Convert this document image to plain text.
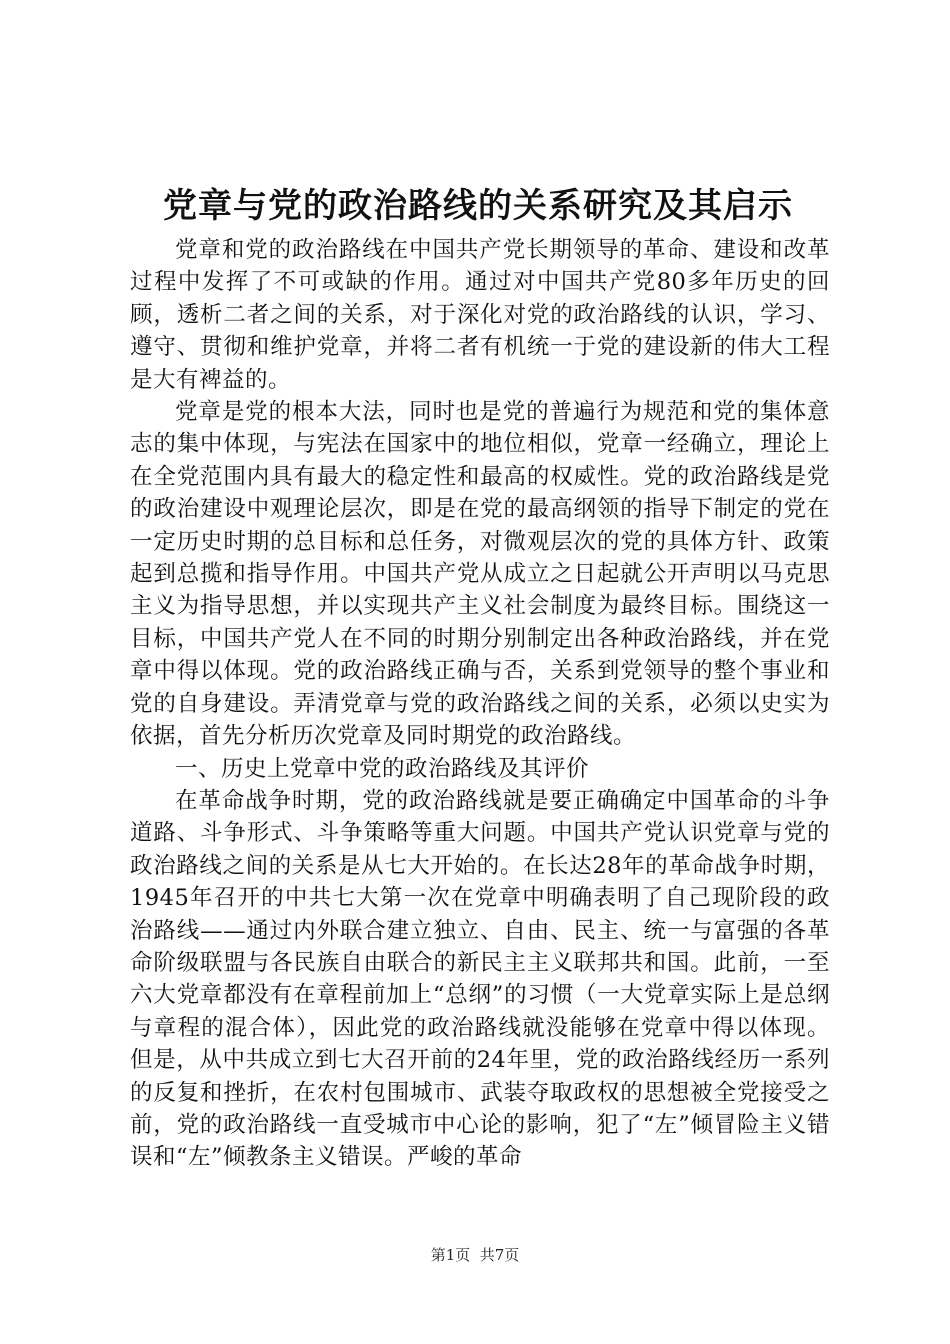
党章与党的政治路线的关系研究及其启示

党章和党的政治路线在中国共产党长期领导的革命、建设和改革过程中发挥了不可或缺的作用。通过对中国共产党80多年历史的回顾，透析二者之间的关系，对于深化对党的政治路线的认识，学习、遵守、贯彻和维护党章，并将二者有机统一于党的建设新的伟大工程是大有裨益的。

党章是党的根本大法，同时也是党的普遍行为规范和党的集体意志的集中体现，与宪法在国家中的地位相似，党章一经确立，理论上在全党范围内具有最大的稳定性和最高的权威性。党的政治路线是党的政治建设中观理论层次，即是在党的最高纲领的指导下制定的党在一定历史时期的总目标和总任务，对微观层次的党的具体方针、政策起到总揽和指导作用。中国共产党从成立之日起就公开声明以马克思主义为指导思想，并以实现共产主义社会制度为最终目标。围绕这一目标，中国共产党人在不同的时期分别制定出各种政治路线，并在党章中得以体现。党的政治路线正确与否，关系到党领导的整个事业和党的自身建设。弄清党章与党的政治路线之间的关系，必须以史实为依据，首先分析历次党章及同时期党的政治路线。

一、历史上党章中党的政治路线及其评价

在革命战争时期，党的政治路线就是要正确确定中国革命的斗争道路、斗争形式、斗争策略等重大问题。中国共产党认识党章与党的政治路线之间的关系是从七大开始的。在长达28年的革命战争时期，1945年召开的中共七大第一次在党章中明确表明了自己现阶段的政治路线——通过内外联合建立独立、自由、民主、统一与富强的各革命阶级联盟与各民族自由联合的新民主主义联邦共和国。此前，一至六大党章都没有在章程前加上“总纲”的习惯（一大党章实际上是总纲与章程的混合体），因此党的政治路线就没能够在党章中得以体现。但是，从中共成立到七大召开前的24年里，党的政治路线经历一系列的反复和挫折，在农村包围城市、武装夺取政权的思想被全党接受之前，党的政治路线一直受城市中心论的影响，犯了“左”倾冒险主义错误和“左”倾教条主义错误。严峻的革命

第1页  共7页
